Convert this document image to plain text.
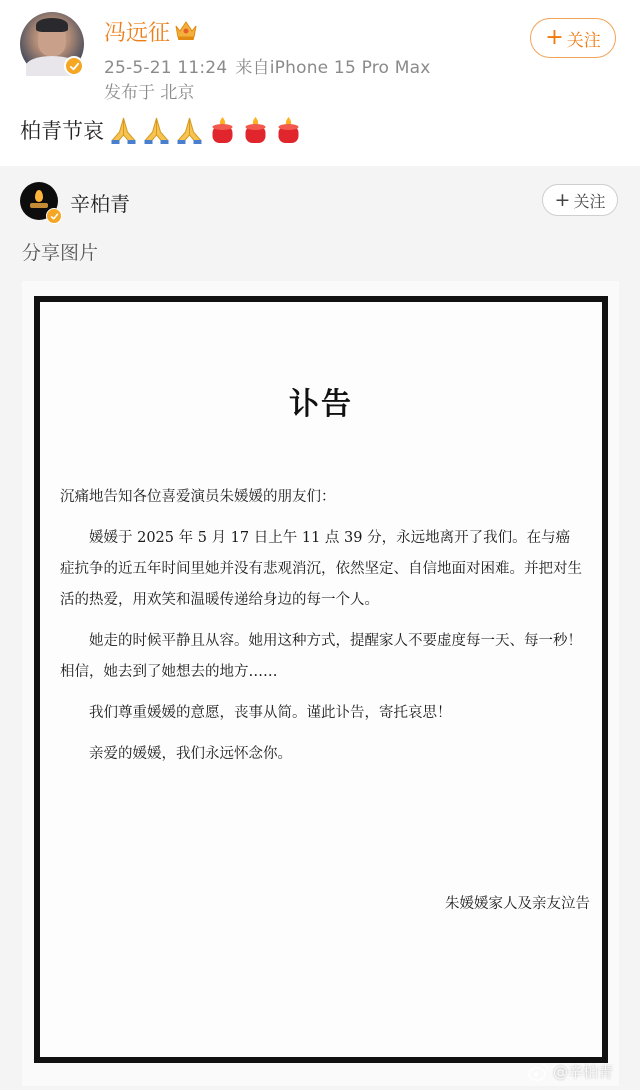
冯远征
25-5-21 11:24 来自iPhone 15 Pro Max
发布于 北京
+ 关注
柏青节哀
辛柏青	+ 关注
分享图片
讣告

沉痛地告知各位喜爱演员朱媛媛的朋友们：

媛媛于 2025 年 5 月 17 日上午 11 点 39 分，永远地离开了我们。在与癌症抗争的近五年时间里她并没有悲观消沉，依然坚定、自信地面对困难。并把对生活的热爱，用欢笑和温暖传递给身边的每一个人。

她走的时候平静且从容。她用这种方式，提醒家人不要虚度每一天、每一秒！相信，她去到了她想去的地方……

我们尊重媛媛的意愿，丧事从简。谨此讣告，寄托哀思！

亲爱的媛媛，我们永远怀念你。

朱媛媛家人及亲友泣告
@辛柏青
